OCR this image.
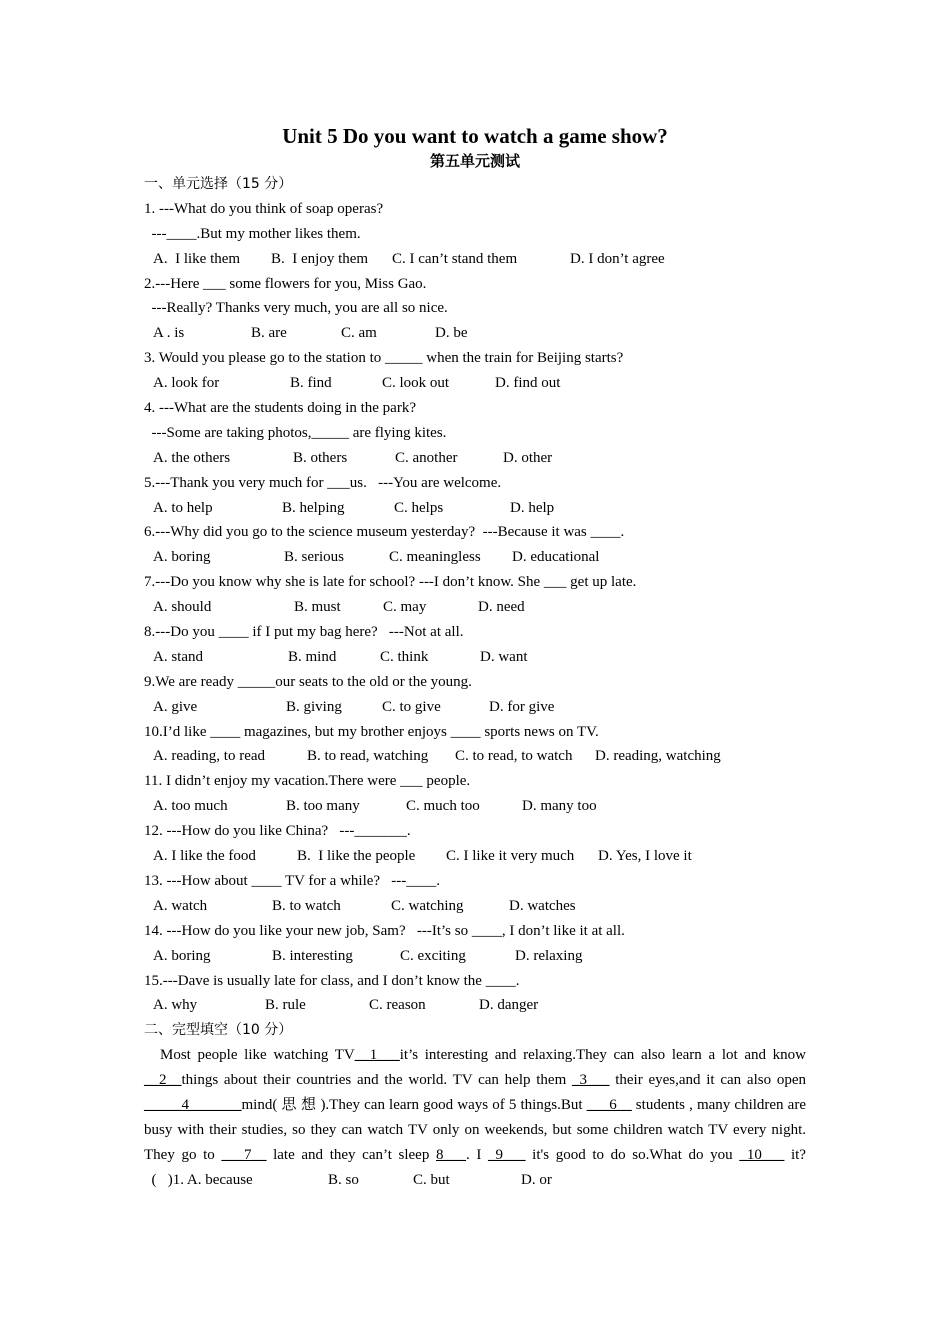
Unit 5 Do you want to watch a game show?
第五单元测试
一、单元选择（15 分）
1. ---What do you think of soap operas?
---____.But my mother likes them.
A.  I like them B.  I enjoy them C. I can’t stand them	D. I don’t agree
2.---Here ___ some flowers for you, Miss Gao.
---Really? Thanks very much, you are all so nice.
A . is	B. are	C. am	D. be
3. Would you please go to the station to _____ when the train for Beijing starts?
A. look for	B. find	C. look out	D. find out
4. ---What are the students doing in the park?
---Some are taking photos,_____ are flying kites.
A. the others	B. others	C. another	D. other
5.---Thank you very much for ___us.   ---You are welcome.
A. to help	B. helping	C. helps	D. help
6.---Why did you go to the science museum yesterday?  ---Because it was ____.
A. boring	B. serious	C. meaningless D. educational
7.---Do you know why she is late for school? ---I don’t know. She ___ get up late.
A. should	B. must	C. may	D. need
8.---Do you ____ if I put my bag here?   ---Not at all.
A. stand	B. mind	C. think	D. want
9.We are ready _____our seats to the old or the young.
A. give	B. giving	C. to give	D. for give
10.I’d like ____ magazines, but my brother enjoys ____ sports news on TV.
A. reading, to read	B. to read, watching C. to read, to watch D. reading, watching
11. I didn’t enjoy my vacation.There were ___ people.
A. too much	B. too many	C. much too	D. many too
12. ---How do you like China?   ---_______.
A. I like the food	B.  I like the people C. I like it very much D. Yes, I love it
13. ---How about ____ TV for a while?   ---____.
A. watch	B. to watch	C. watching	D. watches
14. ---How do you like your new job, Sam?   ---It’s so ____, I don’t like it at all.
A. boring	B. interesting	C. exciting	D. relaxing
15.---Dave is usually late for class, and I don’t know the ____.
A. why	B. rule	C. reason	D. danger
二、完型填空（10 分）
Most people like watching TV__1___it’s interesting and relaxing.They can also learn a lot and know __2__things about their countries and the world. TV can help them _3___ their eyes,and it can also open _____4_______mind( 思 想 ).They can learn good ways of 5 things.But ___6__ students , many children are busy with their studies, so they can watch TV only on weekends, but some children watch TV every night. They go to ___7__ late and they can’t sleep 8___. I _9___ it's good to do so.What do you _10___ it?
(   )1. A. because	B. so	C. but	D. or
